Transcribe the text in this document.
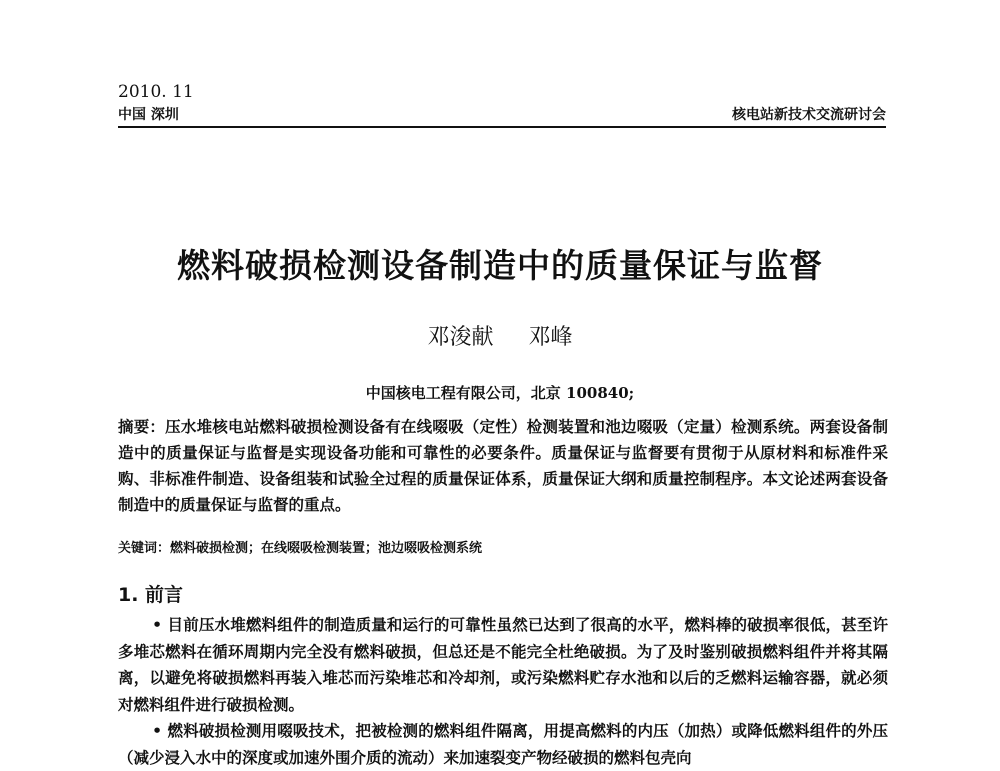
2010. 11
中国 深圳	核电站新技术交流研讨会
燃料破损检测设备制造中的质量保证与监督
邓浚献 邓峰
中国核电工程有限公司，北京 100840;
摘要：压水堆核电站燃料破损检测设备有在线啜吸（定性）检测装置和池边啜吸（定量）检测系统。两套设备制造中的质量保证与监督是实现设备功能和可靠性的必要条件。质量保证与监督要有贯彻于从原材料和标准件采购、非标准件制造、设备组装和试验全过程的质量保证体系，质量保证大纲和质量控制程序。本文论述两套设备制造中的质量保证与监督的重点。
关键词：燃料破损检测；在线啜吸检测装置；池边啜吸检测系统
1. 前言

• 目前压水堆燃料组件的制造质量和运行的可靠性虽然已达到了很高的水平，燃料棒的破损率很低，甚至许多堆芯燃料在循环周期内完全没有燃料破损，但总还是不能完全杜绝破损。为了及时鉴别破损燃料组件并将其隔离，以避免将破损燃料再装入堆芯而污染堆芯和冷却剂，或污染燃料贮存水池和以后的乏燃料运输容器，就必须对燃料组件进行破损检测。

• 燃料破损检测用啜吸技术，把被检测的燃料组件隔离，用提高燃料的内压（加热）或降低燃料组件的外压（减少浸入水中的深度或加速外围介质的流动）来加速裂变产物经破损的燃料包壳向
